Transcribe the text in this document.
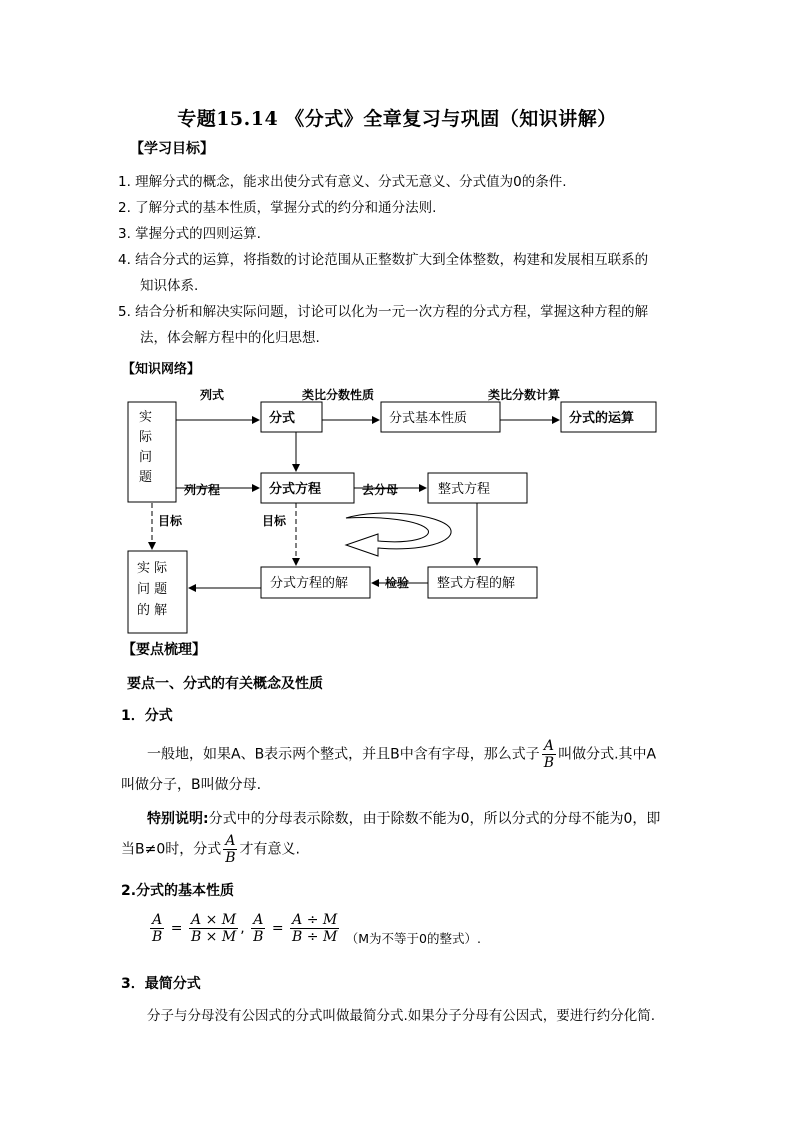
专题15.14 《分式》全章复习与巩固（知识讲解）
【学习目标】
1. 理解分式的概念，能求出使分式有意义、分式无意义、分式值为0的条件.
2. 了解分式的基本性质，掌握分式的约分和通分法则.
3. 掌握分式的四则运算.
4. 结合分式的运算，将指数的讨论范围从正整数扩大到全体整数，构建和发展相互联系的
知识体系.
5. 结合分析和解决实际问题，讨论可以化为一元一次方程的分式方程，掌握这种方程的解
法，体会解方程中的化归思想.
【知识网络】
实
际
问
题
分式	分式基本性质	分式的运算
分式方程	整式方程
分式方程的解	整式方程的解
实 际
问 题
的 解
列式	类比分数性质	类比分数计算
列方程	去分母
目标	目标
检验
【要点梳理】
要点一、分式的有关概念及性质
1．分式
一般地，如果A、B表示两个整式，并且B中含有字母，那么式子 $\frac{A}{B}$ 叫做分式.其中A
叫做分子，B叫做分母.
特别说明:分式中的分母表示除数，由于除数不能为0，所以分式的分母不能为0，即
当B≠0时，分式 $\frac{A}{B}$ 才有意义.
2.分式的基本性质
$\frac{A}{B} = \frac{A \times M}{B \times M}$ , $\frac{A}{B} = \frac{A \div M}{B \div M} (M$为不等于0的整式）.
3．最简分式
分子与分母没有公因式的分式叫做最简分式.如果分子分母有公因式，要进行约分化简.
